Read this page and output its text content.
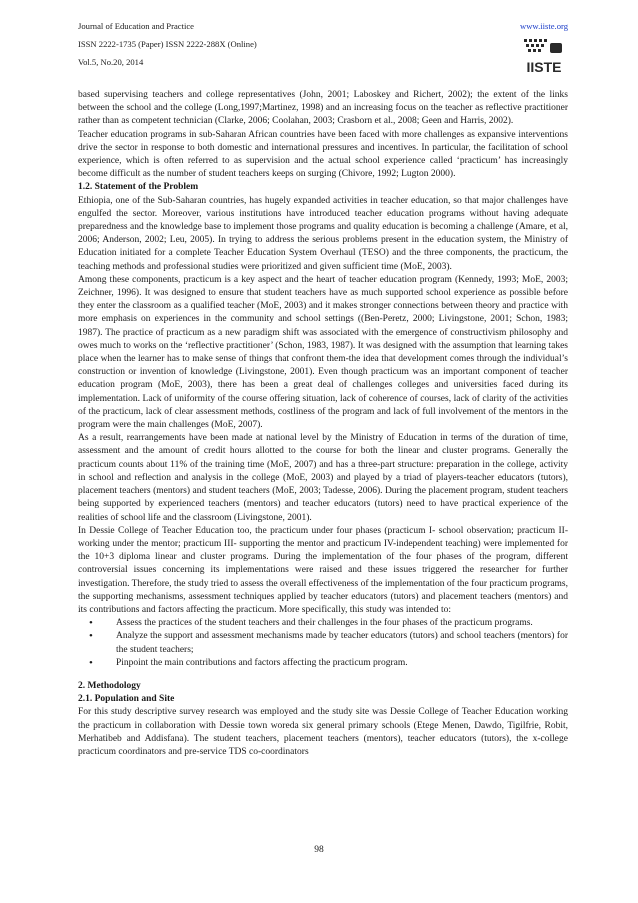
Journal of Education and Practice
ISSN 2222-1735 (Paper) ISSN 2222-288X (Online)
Vol.5, No.20, 2014
www.iiste.org
IISTE

based supervising teachers and college representatives (John, 2001; Laboskey and Richert, 2002); the extent of the links between the school and the college (Long,1997;Martinez, 1998) and an increasing focus on the teacher as reflective practitioner rather than as competent technician (Clarke, 2006; Coolahan, 2003; Crasborn et al., 2008; Geen and Harris, 2002).

Teacher education programs in sub-Saharan African countries have been faced with more challenges as expansive interventions drive the sector in response to both domestic and international pressures and incentives. In particular, the facilitation of school experience, which is often referred to as supervision and the actual school experience called ‘practicum’ has increasingly become difficult as the number of student teachers keeps on surging (Chivore, 1992; Lugton 2000).

1.2. Statement of the Problem

Ethiopia, one of the Sub-Saharan countries, has hugely expanded activities in teacher education, so that major challenges have engulfed the sector. Moreover, various institutions have introduced teacher education programs without having adequate preparedness and the knowledge base to implement those programs and quality education is becoming a challenge (Amare, et al, 2006; Anderson, 2002; Leu, 2005). In trying to address the serious problems present in the education system, the Ministry of Education initiated for a complete Teacher Education System Overhaul (TESO) and the three components, the practicum, the teaching methods and professional studies were prioritized and given sufficient time (MoE, 2003).

Among these components, practicum is a key aspect and the heart of teacher education program (Kennedy, 1993; MoE, 2003; Zeichner, 1996). It was designed to ensure that student teachers have as much supported school experience as possible before they enter the classroom as a qualified teacher (MoE, 2003) and it makes stronger connections between theory and practice with more emphasis on experiences in the community and school settings ((Ben-Peretz, 2000; Livingstone, 2001; Schon, 1983; 1987). The practice of practicum as a new paradigm shift was associated with the emergence of constructivism philosophy and owes much to works on the ‘reflective practitioner’ (Schon, 1983, 1987). It was designed with the assumption that learning takes place when the learner has to make sense of things that confront them-the idea that development comes through the individual’s construction or invention of knowledge (Livingstone, 2001). Even though practicum was an important component of teacher education program (MoE, 2003), there has been a great deal of challenges colleges and universities faced during its implementation. Lack of uniformity of the course offering situation, lack of coherence of courses, lack of clarity of the activities of the practicum, lack of clear assessment methods, costliness of the program and lack of full involvement of the mentors in the program were the main challenges (MoE, 2007).

As a result, rearrangements have been made at national level by the Ministry of Education in terms of the duration of time, assessment and the amount of credit hours allotted to the course for both the linear and cluster programs. Generally the practicum counts about 11% of the training time (MoE, 2007) and has a three-part structure: preparation in the college, activity in school and reflection and analysis in the college (MoE, 2003) and played by a triad of players-teacher educators (tutors), placement teachers (mentors) and student teachers (MoE, 2003; Tadesse, 2006). During the placement program, student teachers being supported by experienced teachers (mentors) and teacher educators (tutors) need to have practical experience of the realities of school life and the classroom (Livingstone, 2001).

In Dessie College of Teacher Education too, the practicum under four phases (practicum I- school observation; practicum II- working under the mentor; practicum III- supporting the mentor and practicum IV-independent teaching) were implemented for the 10+3 diploma linear and cluster programs. During the implementation of the four phases of the program, different controversial issues concerning its implementations were raised and these issues triggered the researcher for further investigation. Therefore, the study tried to assess the overall effectiveness of the implementation of the four practicum programs, the supporting mechanisms, assessment techniques applied by teacher educators (tutors) and placement teachers (mentors) and its contributions and factors affecting the practicum. More specifically, this study was intended to:

• Assess the practices of the student teachers and their challenges in the four phases of the practicum programs.
• Analyze the support and assessment mechanisms made by teacher educators (tutors) and school teachers (mentors) for the student teachers;
• Pinpoint the main contributions and factors affecting the practicum program.

2. Methodology

2.1. Population and Site

For this study descriptive survey research was employed and the study site was Dessie College of Teacher Education working the practicum in collaboration with Dessie town woreda six general primary schools (Etege Menen, Dawdo, Tigilfrie, Robit, Merhatibeb and Addisfana). The student teachers, placement teachers (mentors), teacher educators (tutors), the x-college practicum coordinators and pre-service TDS co-coordinators

98
